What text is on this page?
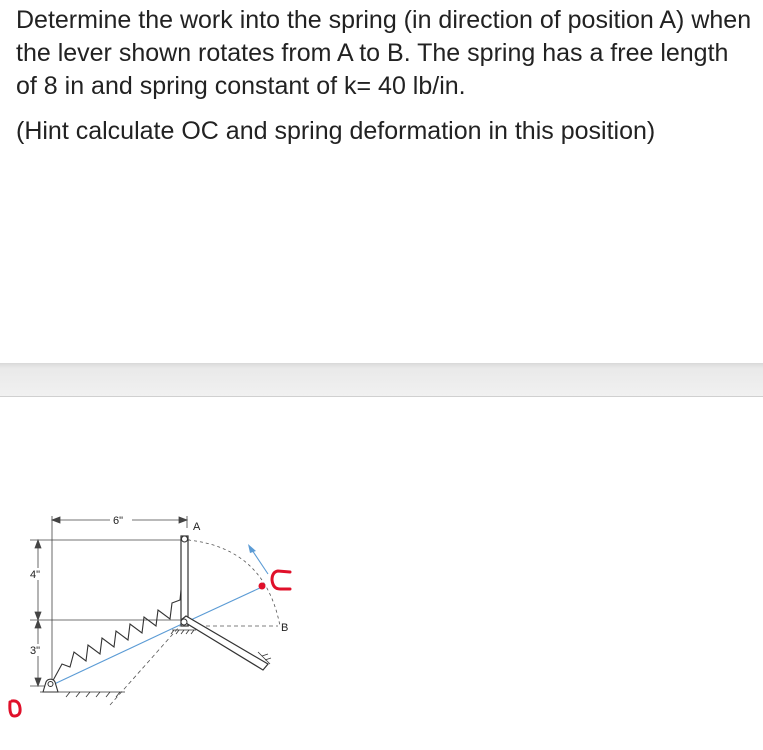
Determine the work into the spring (in direction of position A) when the lever shown rotates from A to B. The spring has a free length of 8 in and spring constant of k= 40 lb/in.

(Hint calculate OC and spring deformation in this position)

6"
4"
3"
A
B
